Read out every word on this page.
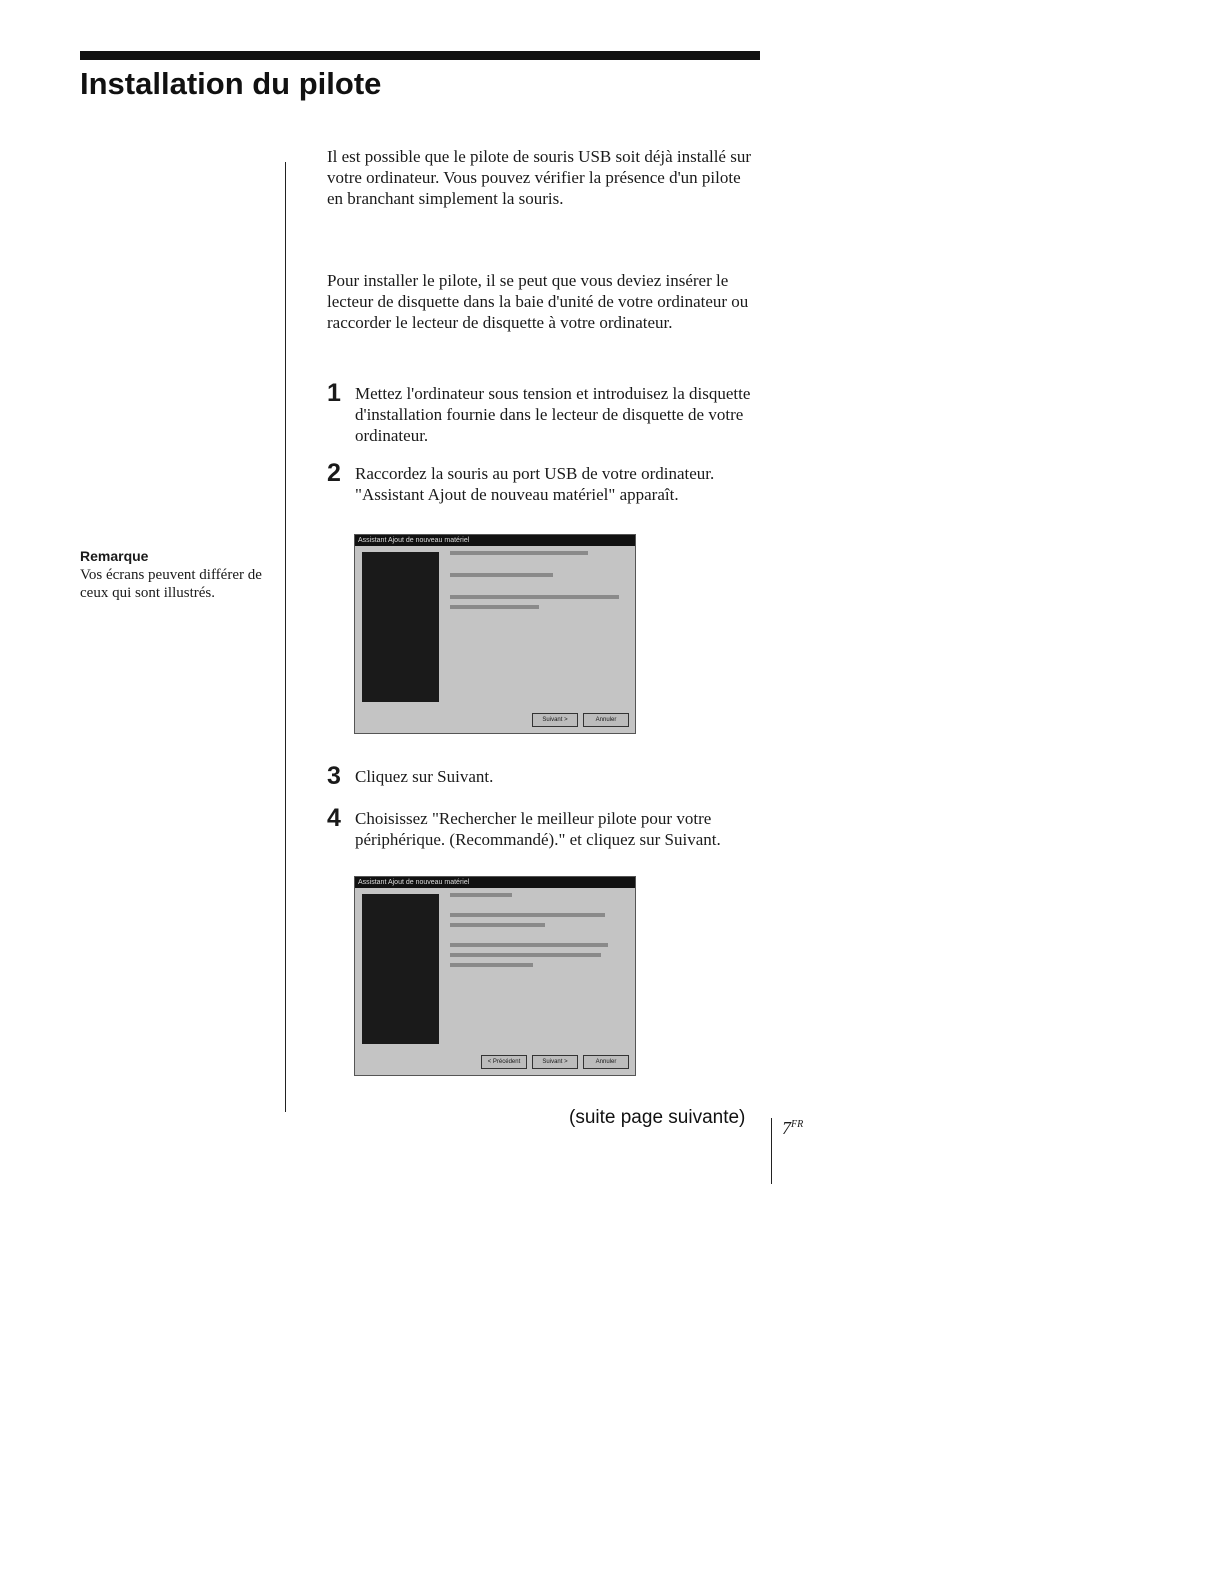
Installation du pilote
Remarque
Vos écrans peuvent différer de ceux qui sont illustrés.

Il est possible que le pilote de souris USB soit déjà installé sur votre ordinateur. Vous pouvez vérifier la présence d'un pilote en branchant simplement la souris.

Pour installer le pilote, il se peut que vous deviez insérer le lecteur de disquette dans la baie d'unité de votre ordinateur ou raccorder le lecteur de disquette à votre ordinateur.

1 Mettez l'ordinateur sous tension et introduisez la disquette d'installation fournie dans le lecteur de disquette de votre ordinateur.
2 Raccordez la souris au port USB de votre ordinateur.
"Assistant Ajout de nouveau matériel" apparaît.
Assistant Ajout de nouveau matériel
Suivant >	Annuler
3 Cliquez sur Suivant.
4 Choisissez "Rechercher le meilleur pilote pour votre périphérique. (Recommandé)." et cliquez sur Suivant.
Assistant Ajout de nouveau matériel
< Précédent	Suivant >	Annuler
(suite page suivante) $7^{FR}$
